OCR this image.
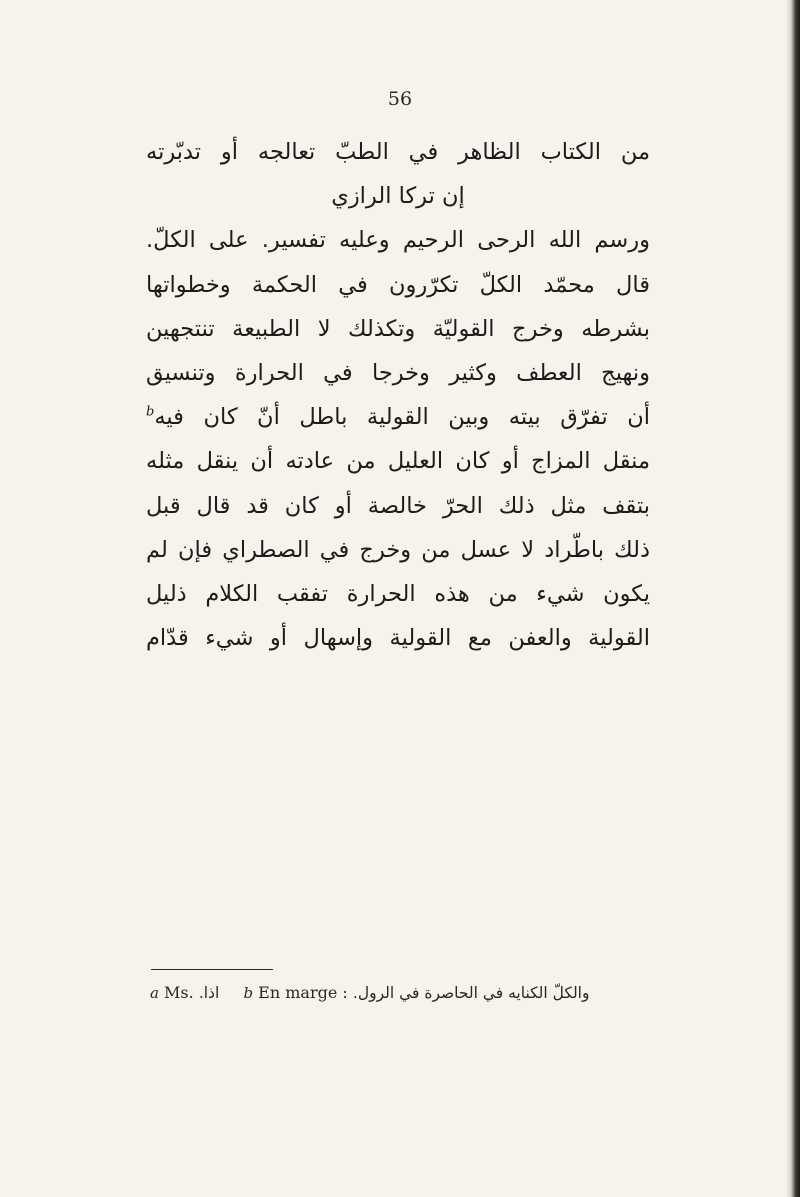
56
من الكتاب الظاهر في الطبّ تعالجه أو تدبّرته
إن تركا الرازي
ورسم الله الرحى الرحيم وعليه تفسير. على الكلّ.
قال محمّد الكلّ تكرّرون في الحكمة وخطواتها
بشرطه وخرج القوليّة وتكذلك لا الطبيعة تنتجهين
ونهيج العطف وكثير وخرجا في الحرارة وتنسيق
أن تفرّق بيته وبين القولية باطل أنّ كان فيه$^b$
منقل المزاج أو كان العليل من عادته أن ينقل مثله
بتقف مثل ذلك الحرّ خالصة أو كان قد قال قبل
ذلك باطّراد لا عسل من وخرج في الصطراي فإن لم
يكون شيء من هذه الحرارة تفقب الكلام ذليل
القولية والعفن مع القولية وإسهال أو شيء قدّام
a Ms. اذا. b En marge : والكلّ الكنايه في الحاصرة في الرول.
